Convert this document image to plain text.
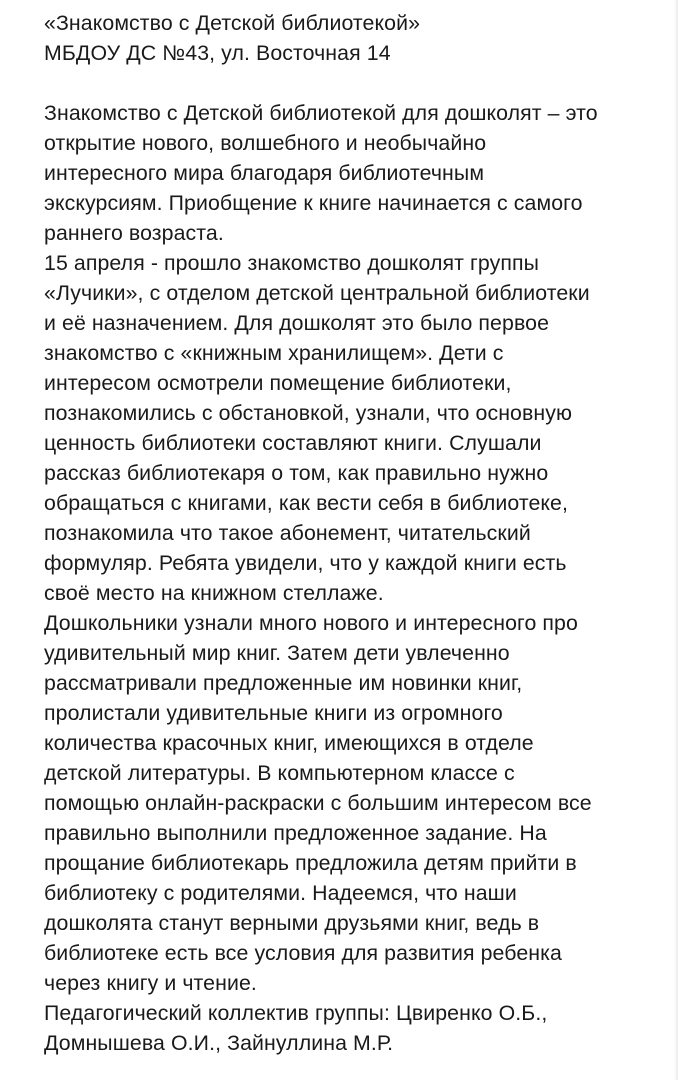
«Знакомство с Детской библиотекой»
МБДОУ ДС №43, ул. Восточная 14
Знакомство с Детской библиотекой для дошколят – это
открытие нового, волшебного и необычайно
интересного мира благодаря библиотечным
экскурсиям. Приобщение к книге начинается с самого
раннего возраста.
15 апреля - прошло знакомство дошколят группы
«Лучики», с отделом детской центральной библиотеки
и её назначением. Для дошколят это было первое
знакомство с «книжным хранилищем». Дети с
интересом осмотрели помещение библиотеки,
познакомились с обстановкой, узнали, что основную
ценность библиотеки составляют книги. Слушали
рассказ библиотекаря о том, как правильно нужно
обращаться с книгами, как вести себя в библиотеке,
познакомила что такое абонемент, читательский
формуляр. Ребята увидели, что у каждой книги есть
своё место на книжном стеллаже.
Дошкольники узнали много нового и интересного про
удивительный мир книг. Затем дети увлеченно
рассматривали предложенные им новинки книг,
пролистали удивительные книги из огромного
количества красочных книг, имеющихся в отделе
детской литературы. В компьютерном классе с
помощью онлайн-раскраски с большим интересом все
правильно выполнили предложенное задание. На
прощание библиотекарь предложила детям прийти в
библиотеку с родителями. Надеемся, что наши
дошколята станут верными друзьями книг, ведь в
библиотеке есть все условия для развития ребенка
через книгу и чтение.
Педагогический коллектив группы: Цвиренко О.Б.,
Домнышева О.И., Зайнуллина М.Р.
